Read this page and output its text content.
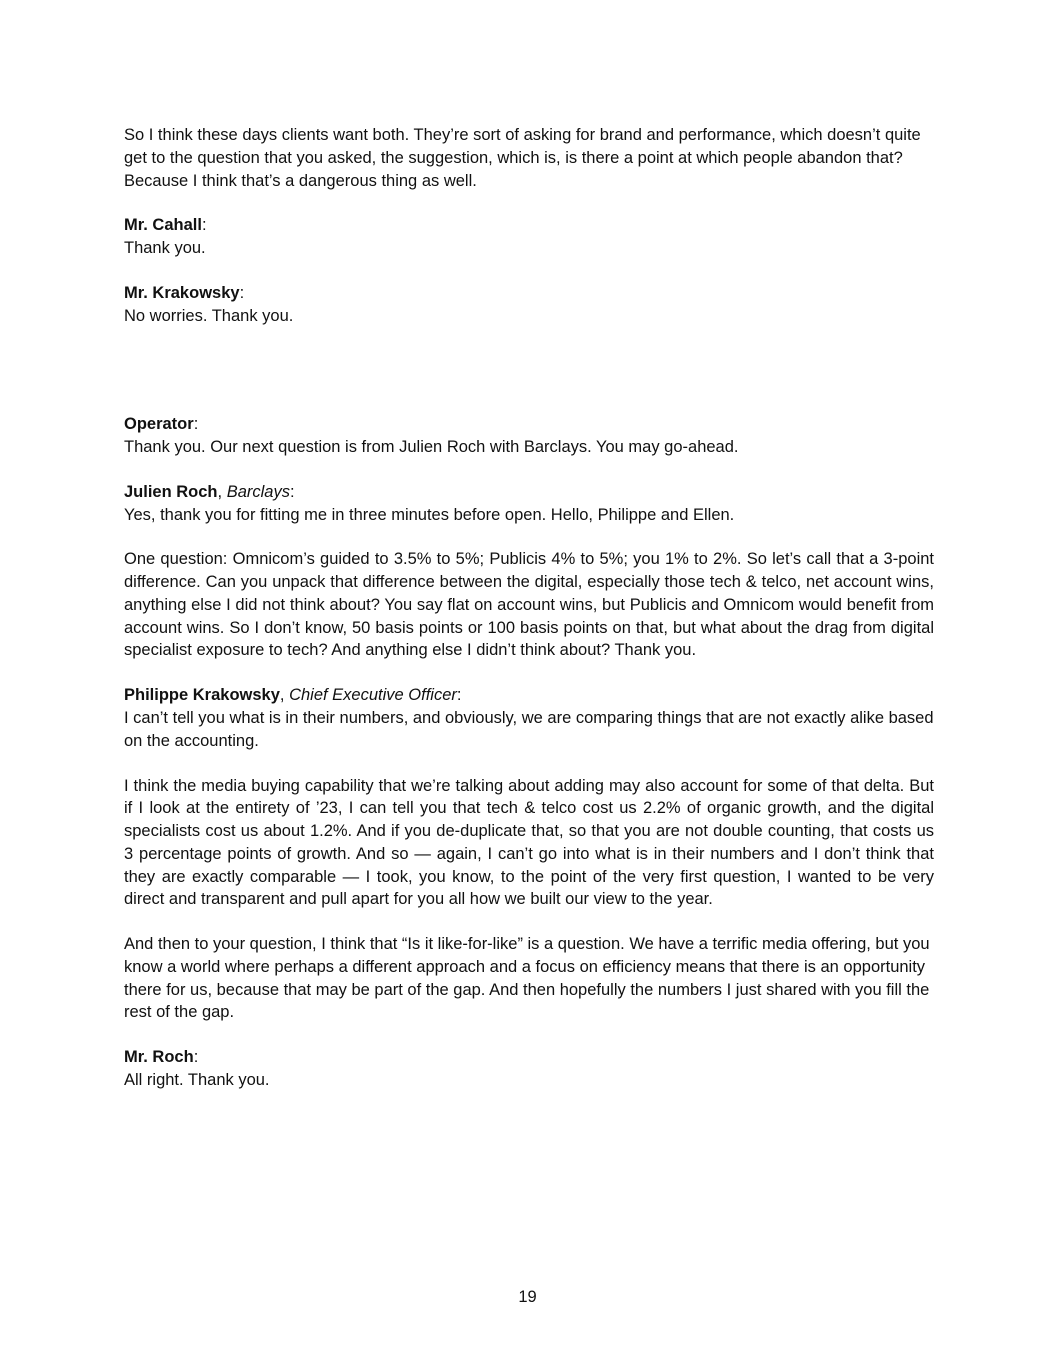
So I think these days clients want both. They’re sort of asking for brand and performance, which doesn’t quite get to the question that you asked, the suggestion, which is, is there a point at which people abandon that? Because I think that’s a dangerous thing as well.

Mr. Cahall:

Thank you.

Mr. Krakowsky:

No worries. Thank you.

Operator:

Thank you. Our next question is from Julien Roch with Barclays. You may go-ahead.

Julien Roch, Barclays:

Yes, thank you for fitting me in three minutes before open. Hello, Philippe and Ellen.

One question: Omnicom’s guided to 3.5% to 5%; Publicis 4% to 5%; you 1% to 2%. So let’s call that a 3-point difference. Can you unpack that difference between the digital, especially those tech & telco, net account wins, anything else I did not think about? You say flat on account wins, but Publicis and Omnicom would benefit from account wins. So I don’t know, 50 basis points or 100 basis points on that, but what about the drag from digital specialist exposure to tech? And anything else I didn’t think about? Thank you.

Philippe Krakowsky, Chief Executive Officer:

I can’t tell you what is in their numbers, and obviously, we are comparing things that are not exactly alike based on the accounting.

I think the media buying capability that we’re talking about adding may also account for some of that delta. But if I look at the entirety of ’23, I can tell you that tech & telco cost us 2.2% of organic growth, and the digital specialists cost us about 1.2%. And if you de-duplicate that, so that you are not double counting, that costs us 3 percentage points of growth. And so — again, I can’t go into what is in their numbers and I don’t think that they are exactly comparable — I took, you know, to the point of the very first question, I wanted to be very direct and transparent and pull apart for you all how we built our view to the year.

And then to your question, I think that “Is it like-for-like” is a question. We have a terrific media offering, but you know a world where perhaps a different approach and a focus on efficiency means that there is an opportunity there for us, because that may be part of the gap. And then hopefully the numbers I just shared with you fill the rest of the gap.

Mr. Roch:

All right. Thank you.

19
